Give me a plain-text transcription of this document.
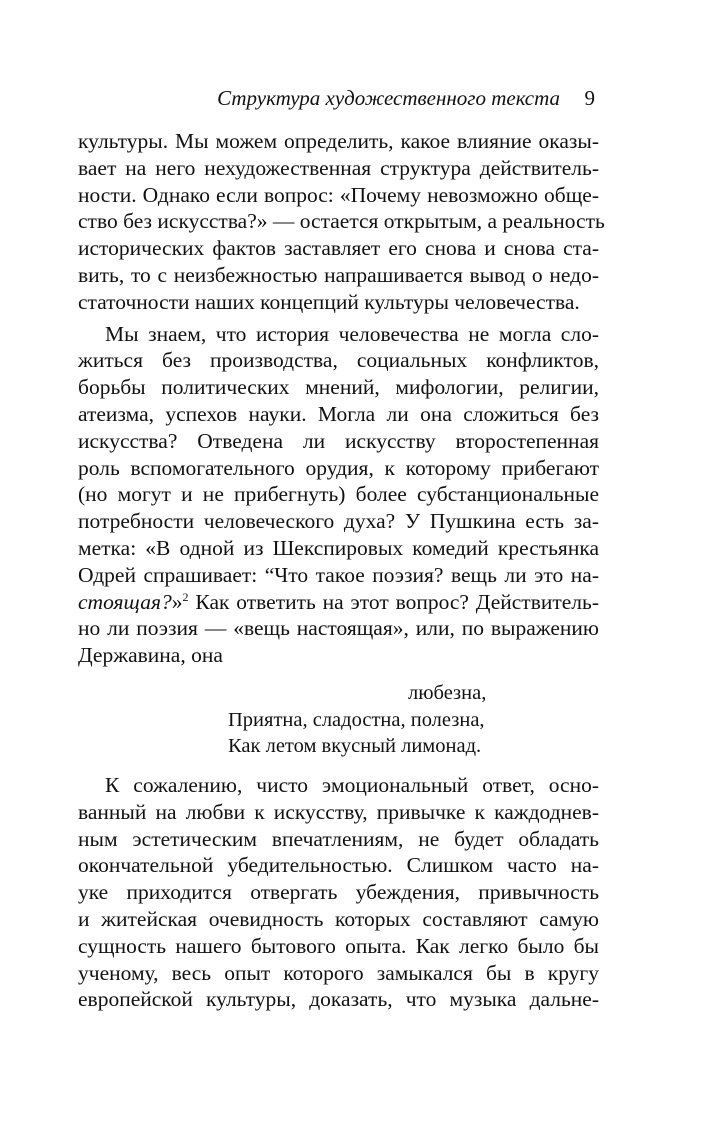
Структура художественного текста 9
культуры. Мы можем определить, какое влияние оказы-
вает на него нехудожественная структура действитель-
ности. Однако если вопрос: «Почему невозможно обще-
ство без искусства?» — остается открытым, а реальность
исторических фактов заставляет его снова и снова ста-
вить, то с неизбежностью напрашивается вывод о недо-
статочности наших концепций культуры человечества.
Мы знаем, что история человечества не могла сло-
житься без производства, социальных конфликтов,
борьбы политических мнений, мифологии, религии,
атеизма, успехов науки. Могла ли она сложиться без
искусства? Отведена ли искусству второстепенная
роль вспомогательного орудия, к которому прибегают
(но могут и не прибегнуть) более субстанциональные
потребности человеческого духа? У Пушкина есть за-
метка: «В одной из Шекспировых комедий крестьянка
Одрей спрашивает: “Что такое поэзия? вещь ли это на-
стоящая?»$^2$ Как ответить на этот вопрос? Действитель-
но ли поэзия — «вещь настоящая», или, по выражению
Державина, она
любезна,
Приятна, сладостна, полезна,
Как летом вкусный лимонад.
К сожалению, чисто эмоциональный ответ, осно-
ванный на любви к искусству, привычке к каждоднев-
ным эстетическим впечатлениям, не будет обладать
окончательной убедительностью. Слишком часто на-
уке приходится отвергать убеждения, привычность
и житейская очевидность которых составляют самую
сущность нашего бытового опыта. Как легко было бы
ученому, весь опыт которого замыкался бы в кругу
европейской культуры, доказать, что музыка дальне-
